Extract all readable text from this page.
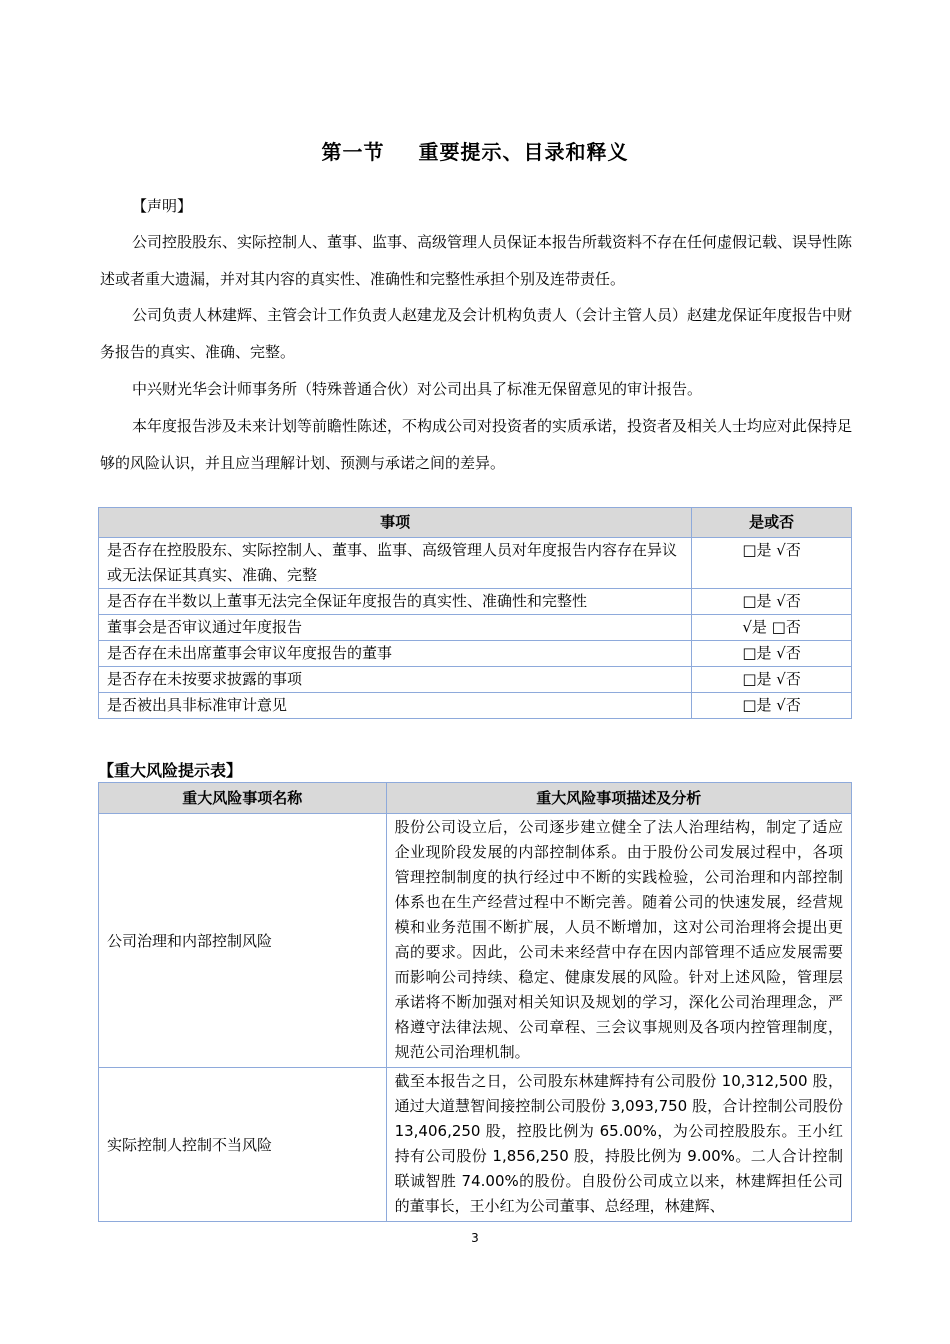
第一节 重要提示、目录和释义
【声明】
公司控股股东、实际控制人、董事、监事、高级管理人员保证本报告所载资料不存在任何虚假记载、误导性陈述或者重大遗漏，并对其内容的真实性、准确性和完整性承担个别及连带责任。
公司负责人林建辉、主管会计工作负责人赵建龙及会计机构负责人（会计主管人员）赵建龙保证年度报告中财务报告的真实、准确、完整。
中兴财光华会计师事务所（特殊普通合伙）对公司出具了标准无保留意见的审计报告。
本年度报告涉及未来计划等前瞻性陈述，不构成公司对投资者的实质承诺，投资者及相关人士均应对此保持足够的风险认识，并且应当理解计划、预测与承诺之间的差异。
事项	是或否
是否存在控股股东、实际控制人、董事、监事、高级管理人员对年度报告内容存在异议或无法保证其真实、准确、完整	□是 √否
是否存在半数以上董事无法完全保证年度报告的真实性、准确性和完整性	□是 √否
董事会是否审议通过年度报告	√是 □否
是否存在未出席董事会审议年度报告的董事	□是 √否
是否存在未按要求披露的事项	□是 √否
是否被出具非标准审计意见	□是 √否
【重大风险提示表】
重大风险事项名称	重大风险事项描述及分析
公司治理和内部控制风险	股份公司设立后，公司逐步建立健全了法人治理结构，制定了适应企业现阶段发展的内部控制体系。由于股份公司发展过程中，各项管理控制制度的执行经过中不断的实践检验，公司治理和内部控制体系也在生产经营过程中不断完善。随着公司的快速发展，经营规模和业务范围不断扩展，人员不断增加，这对公司治理将会提出更高的要求。因此，公司未来经营中存在因内部管理不适应发展需要而影响公司持续、稳定、健康发展的风险。针对上述风险，管理层承诺将不断加强对相关知识及规划的学习，深化公司治理理念，严格遵守法律法规、公司章程、三会议事规则及各项内控管理制度，规范公司治理机制。
实际控制人控制不当风险	截至本报告之日，公司股东林建辉持有公司股份 10,312,500 股，通过大道慧智间接控制公司股份 3,093,750 股，合计控制公司股份 13,406,250 股，控股比例为 65.00%，为公司控股股东。王小红持有公司股份 1,856,250 股，持股比例为 9.00%。二人合计控制联诚智胜 74.00%的股份。自股份公司成立以来，林建辉担任公司的董事长，王小红为公司董事、总经理，林建辉、
3
